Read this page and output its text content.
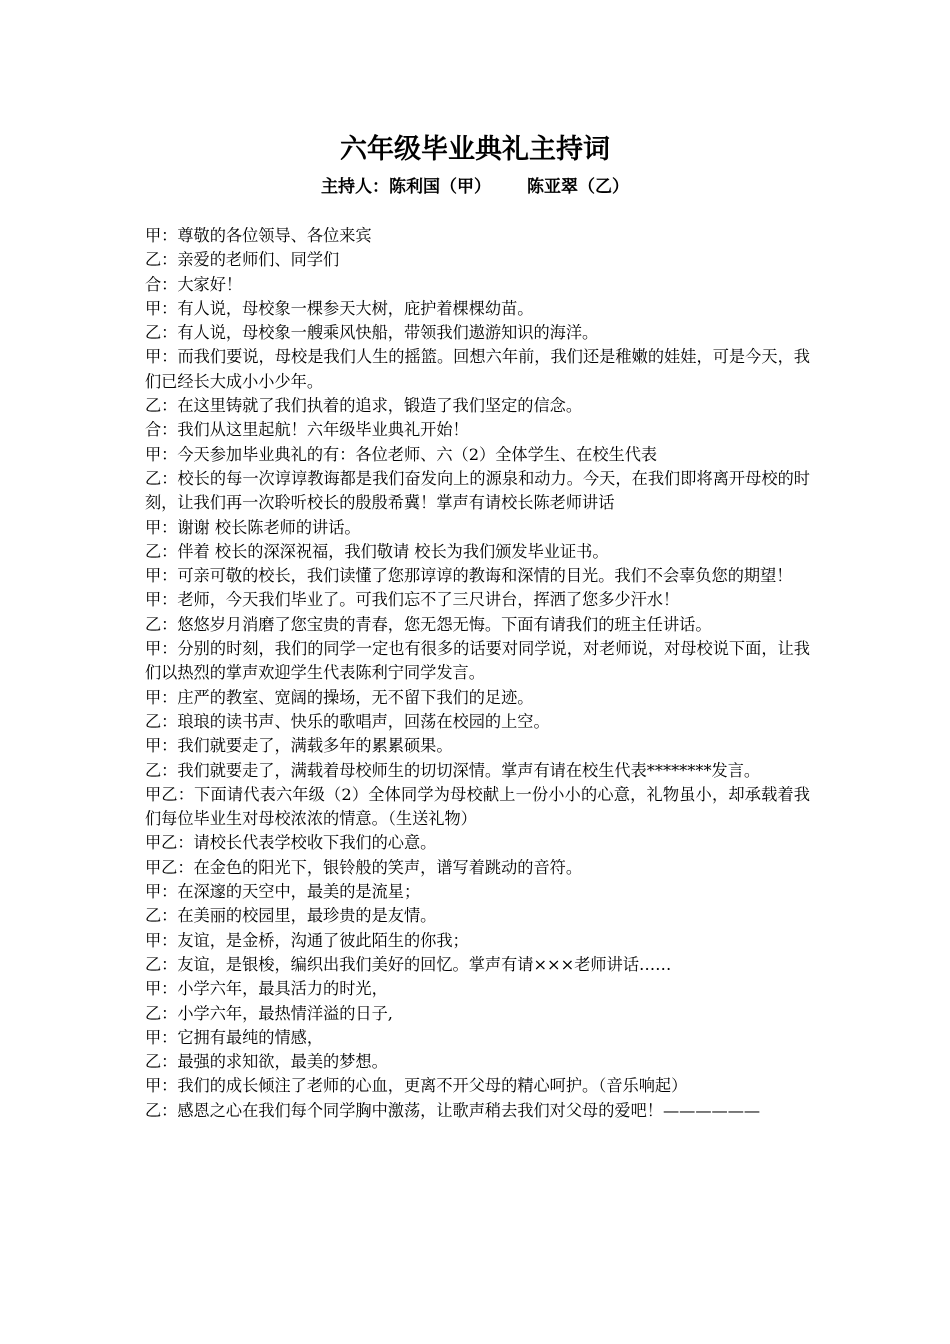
六年级毕业典礼主持词
主持人：陈利国（甲） 陈亚翠（乙）

甲：尊敬的各位领导、各位来宾

乙：亲爱的老师们、同学们

合：大家好！

甲：有人说，母校象一棵参天大树，庇护着棵棵幼苗。

乙：有人说，母校象一艘乘风快船，带领我们遨游知识的海洋。

甲：而我们要说，母校是我们人生的摇篮。回想六年前，我们还是稚嫩的娃娃，可是今天，我们已经长大成小小少年。

乙：在这里铸就了我们执着的追求，锻造了我们坚定的信念。

合：我们从这里起航！六年级毕业典礼开始！

甲：今天参加毕业典礼的有：各位老师、六（2）全体学生、在校生代表

乙：校长的每一次谆谆教诲都是我们奋发向上的源泉和动力。今天，在我们即将离开母校的时刻，让我们再一次聆听校长的殷殷希冀！掌声有请校长陈老师讲话

甲：谢谢 校长陈老师的讲话。

乙：伴着 校长的深深祝福，我们敬请 校长为我们颁发毕业证书。

甲：可亲可敬的校长，我们读懂了您那谆谆的教诲和深情的目光。我们不会辜负您的期望！

甲：老师，今天我们毕业了。可我们忘不了三尺讲台，挥洒了您多少汗水！

乙：悠悠岁月消磨了您宝贵的青春，您无怨无悔。下面有请我们的班主任讲话。

甲：分别的时刻，我们的同学一定也有很多的话要对同学说，对老师说，对母校说下面，让我们以热烈的掌声欢迎学生代表陈利宁同学发言。

甲：庄严的教室、宽阔的操场，无不留下我们的足迹。

乙：琅琅的读书声、快乐的歌唱声，回荡在校园的上空。

甲：我们就要走了，满载多年的累累硕果。

乙：我们就要走了，满载着母校师生的切切深情。掌声有请在校生代表********发言。

甲乙：下面请代表六年级（2）全体同学为母校献上一份小小的心意，礼物虽小，却承载着我们每位毕业生对母校浓浓的情意。（生送礼物）

甲乙：请校长代表学校收下我们的心意。

甲乙：在金色的阳光下，银铃般的笑声，谱写着跳动的音符。

甲：在深邃的天空中，最美的是流星；

乙：在美丽的校园里，最珍贵的是友情。

甲：友谊，是金桥，沟通了彼此陌生的你我；

乙：友谊，是银梭，编织出我们美好的回忆。掌声有请×××老师讲话……

甲：小学六年，最具活力的时光，

乙：小学六年，最热情洋溢的日子,

甲：它拥有最纯的情感，

乙：最强的求知欲，最美的梦想。

甲：我们的成长倾注了老师的心血，更离不开父母的精心呵护。（音乐响起）

乙：感恩之心在我们每个同学胸中激荡，让歌声稍去我们对父母的爱吧！——————
